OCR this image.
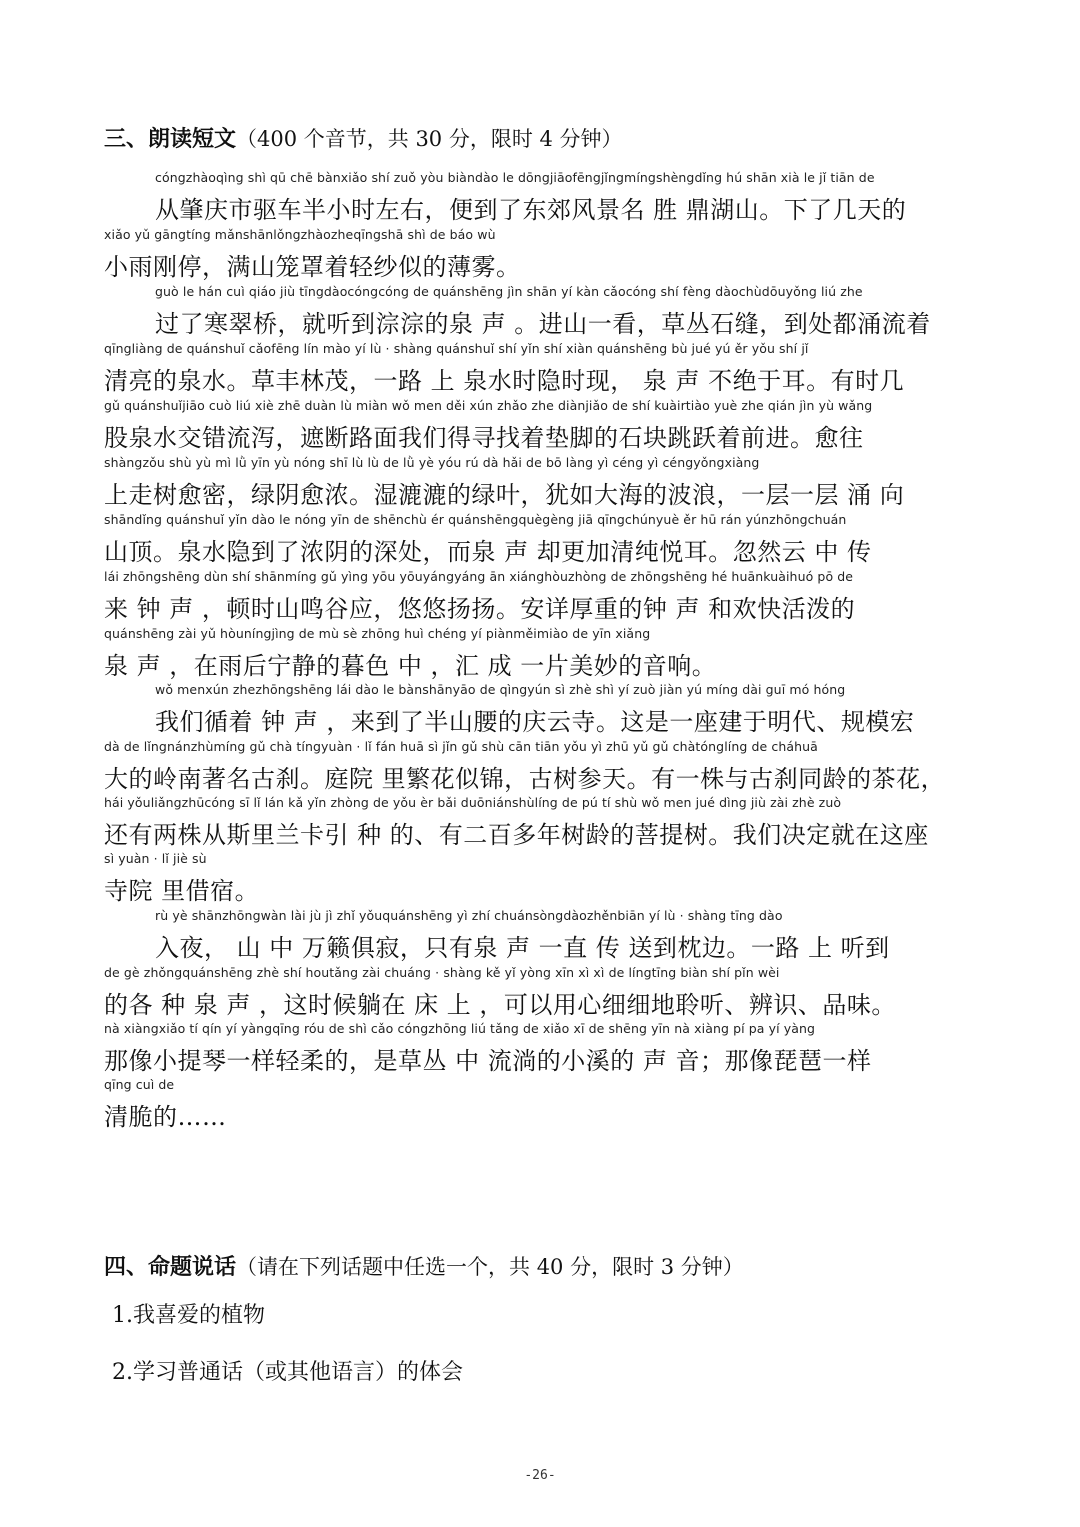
三、朗读短文（400 个音节，共 30 分，限时 4 分钟）
cóngzhàoqìng shì qū chē bànxiǎo shí zuǒ yòu biàndào le dōngjiāofēngjǐngmíngshèngdǐng hú shān xià le jǐ tiān de
从肇庆市驱车半小时左右，便到了东郊风景名 胜 鼎湖山。下了几天的
xiǎo yǔ gāngtíng mǎnshānlǒngzhàozheqīngshā shì de báo wù
小雨刚停，满山笼罩着轻纱似的薄雾。
guò le hán cuì qiáo jiù tīngdàocóngcóng de quánshēng jìn shān yí kàn cǎocóng shí fèng dàochùdōuyǒng liú zhe
过了寒翠桥，就听到淙淙的泉 声 。进山一看，草丛石缝，到处都涌流着
qīngliàng de quánshuǐ cǎofēng lín mào yí lù · shàng quánshuǐ shí yǐn shí xiàn quánshēng bù jué yú ěr yǒu shí jǐ
清亮的泉水。草丰林茂，一路 上 泉水时隐时现， 泉 声 不绝于耳。有时几
gǔ quánshuǐjiāo cuò liú xiè zhē duàn lù miàn wǒ men děi xún zhǎo zhe diànjiǎo de shí kuàirtiào yuè zhe qián jìn yù wǎng
股泉水交错流泻，遮断路面我们得寻找着垫脚的石块跳跃着前进。愈往
shàngzǒu shù yù mì lǜ yīn yù nóng shī lù lù de lǜ yè yóu rú dà hǎi de bō làng yì céng yì céngyǒngxiàng
上走树愈密，绿阴愈浓。湿漉漉的绿叶，犹如大海的波浪，一层一层 涌 向
shāndǐng quánshuǐ yǐn dào le nóng yīn de shēnchù ér quánshēngquègèng jiā qīngchúnyuè ěr hū rán yúnzhōngchuán
山顶。泉水隐到了浓阴的深处，而泉 声 却更加清纯悦耳。忽然云 中 传
lái zhōngshēng dùn shí shānmíng gǔ yìng yōu yōuyángyáng ān xiánghòuzhòng de zhōngshēng hé huānkuàihuó pō de
来 钟 声 ，顿时山鸣谷应，悠悠扬扬。安详厚重的钟 声 和欢快活泼的
quánshēng zài yǔ hòuníngjìng de mù sè zhōng huì chéng yí piànměimiào de yīn xiǎng
泉 声 ，在雨后宁静的暮色 中 ，汇 成 一片美妙的音响。
wǒ menxún zhezhōngshēng lái dào le bànshānyāo de qìngyún sì zhè shì yí zuò jiàn yú míng dài guī mó hóng
我们循着 钟 声 ，来到了半山腰的庆云寺。这是一座建于明代、规模宏
dà de lǐngnánzhùmíng gǔ chà tíngyuàn · lǐ fán huā sì jǐn gǔ shù cān tiān yǒu yì zhū yǔ gǔ chàtónglíng de cháhuā
大的岭南著名古刹。庭院 里繁花似锦，古树参天。有一株与古刹同龄的茶花，
hái yǒuliǎngzhūcóng sī lǐ lán kǎ yǐn zhòng de yǒu èr bǎi duōniánshùlíng de pú tí shù wǒ men jué dìng jiù zài zhè zuò
还有两株从斯里兰卡引 种 的、有二百多年树龄的菩提树。我们决定就在这座
sì yuàn · lǐ jiè sù
寺院 里借宿。
rù yè shānzhōngwàn lài jù jì zhǐ yǒuquánshēng yì zhí chuánsòngdàozhěnbiān yí lù · shàng tīng dào
入夜， 山 中 万籁俱寂，只有泉 声 一直 传 送到枕边。一路 上 听到
de gè zhǒngquánshēng zhè shí houtǎng zài chuáng · shàng kě yǐ yòng xīn xì xì de língtīng biàn shí pǐn wèi
的各 种 泉 声 ，这时候躺在 床 上 ，可以用心细细地聆听、辨识、品味。
nà xiàngxiǎo tí qín yí yàngqīng róu de shì cǎo cóngzhōng liú tǎng de xiǎo xī de shēng yīn nà xiàng pí pa yí yàng
那像小提琴一样轻柔的，是草丛 中 流淌的小溪的 声 音；那像琵琶一样
qīng cuì de
清脆的……
四、命题说话（请在下列话题中任选一个，共 40 分，限时 3 分钟）
1.我喜爱的植物
2.学习普通话（或其他语言）的体会
-26-
